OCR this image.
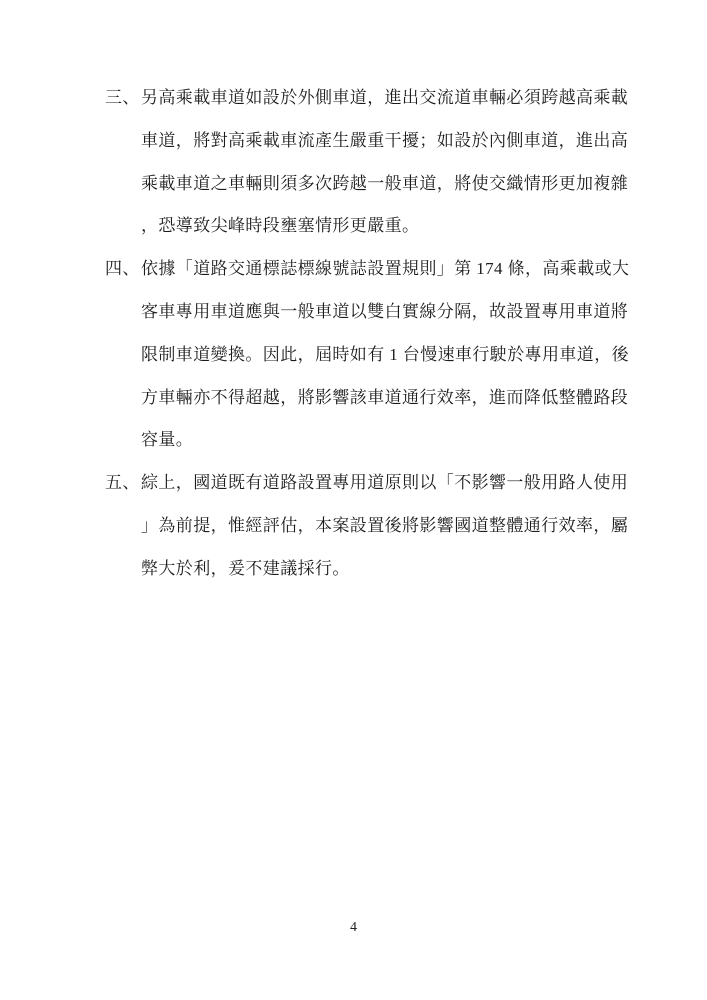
三、 另高乘載車道如設於外側車道，進出交流道車輛必須跨越高乘載
車道，將對高乘載車流產生嚴重干擾；如設於內側車道，進出高
乘載車道之車輛則須多次跨越一般車道，將使交織情形更加複雜
，恐導致尖峰時段壅塞情形更嚴重。
四、 依據「道路交通標誌標線號誌設置規則」第 174 條，高乘載或大
客車專用車道應與一般車道以雙白實線分隔，故設置專用車道將
限制車道變換。因此，屆時如有 1 台慢速車行駛於專用車道，後
方車輛亦不得超越，將影響該車道通行效率，進而降低整體路段
容量。
五、 綜上，國道既有道路設置專用道原則以「不影響一般用路人使用
」為前提，惟經評估，本案設置後將影響國道整體通行效率，屬
弊大於利，爰不建議採行。
4
